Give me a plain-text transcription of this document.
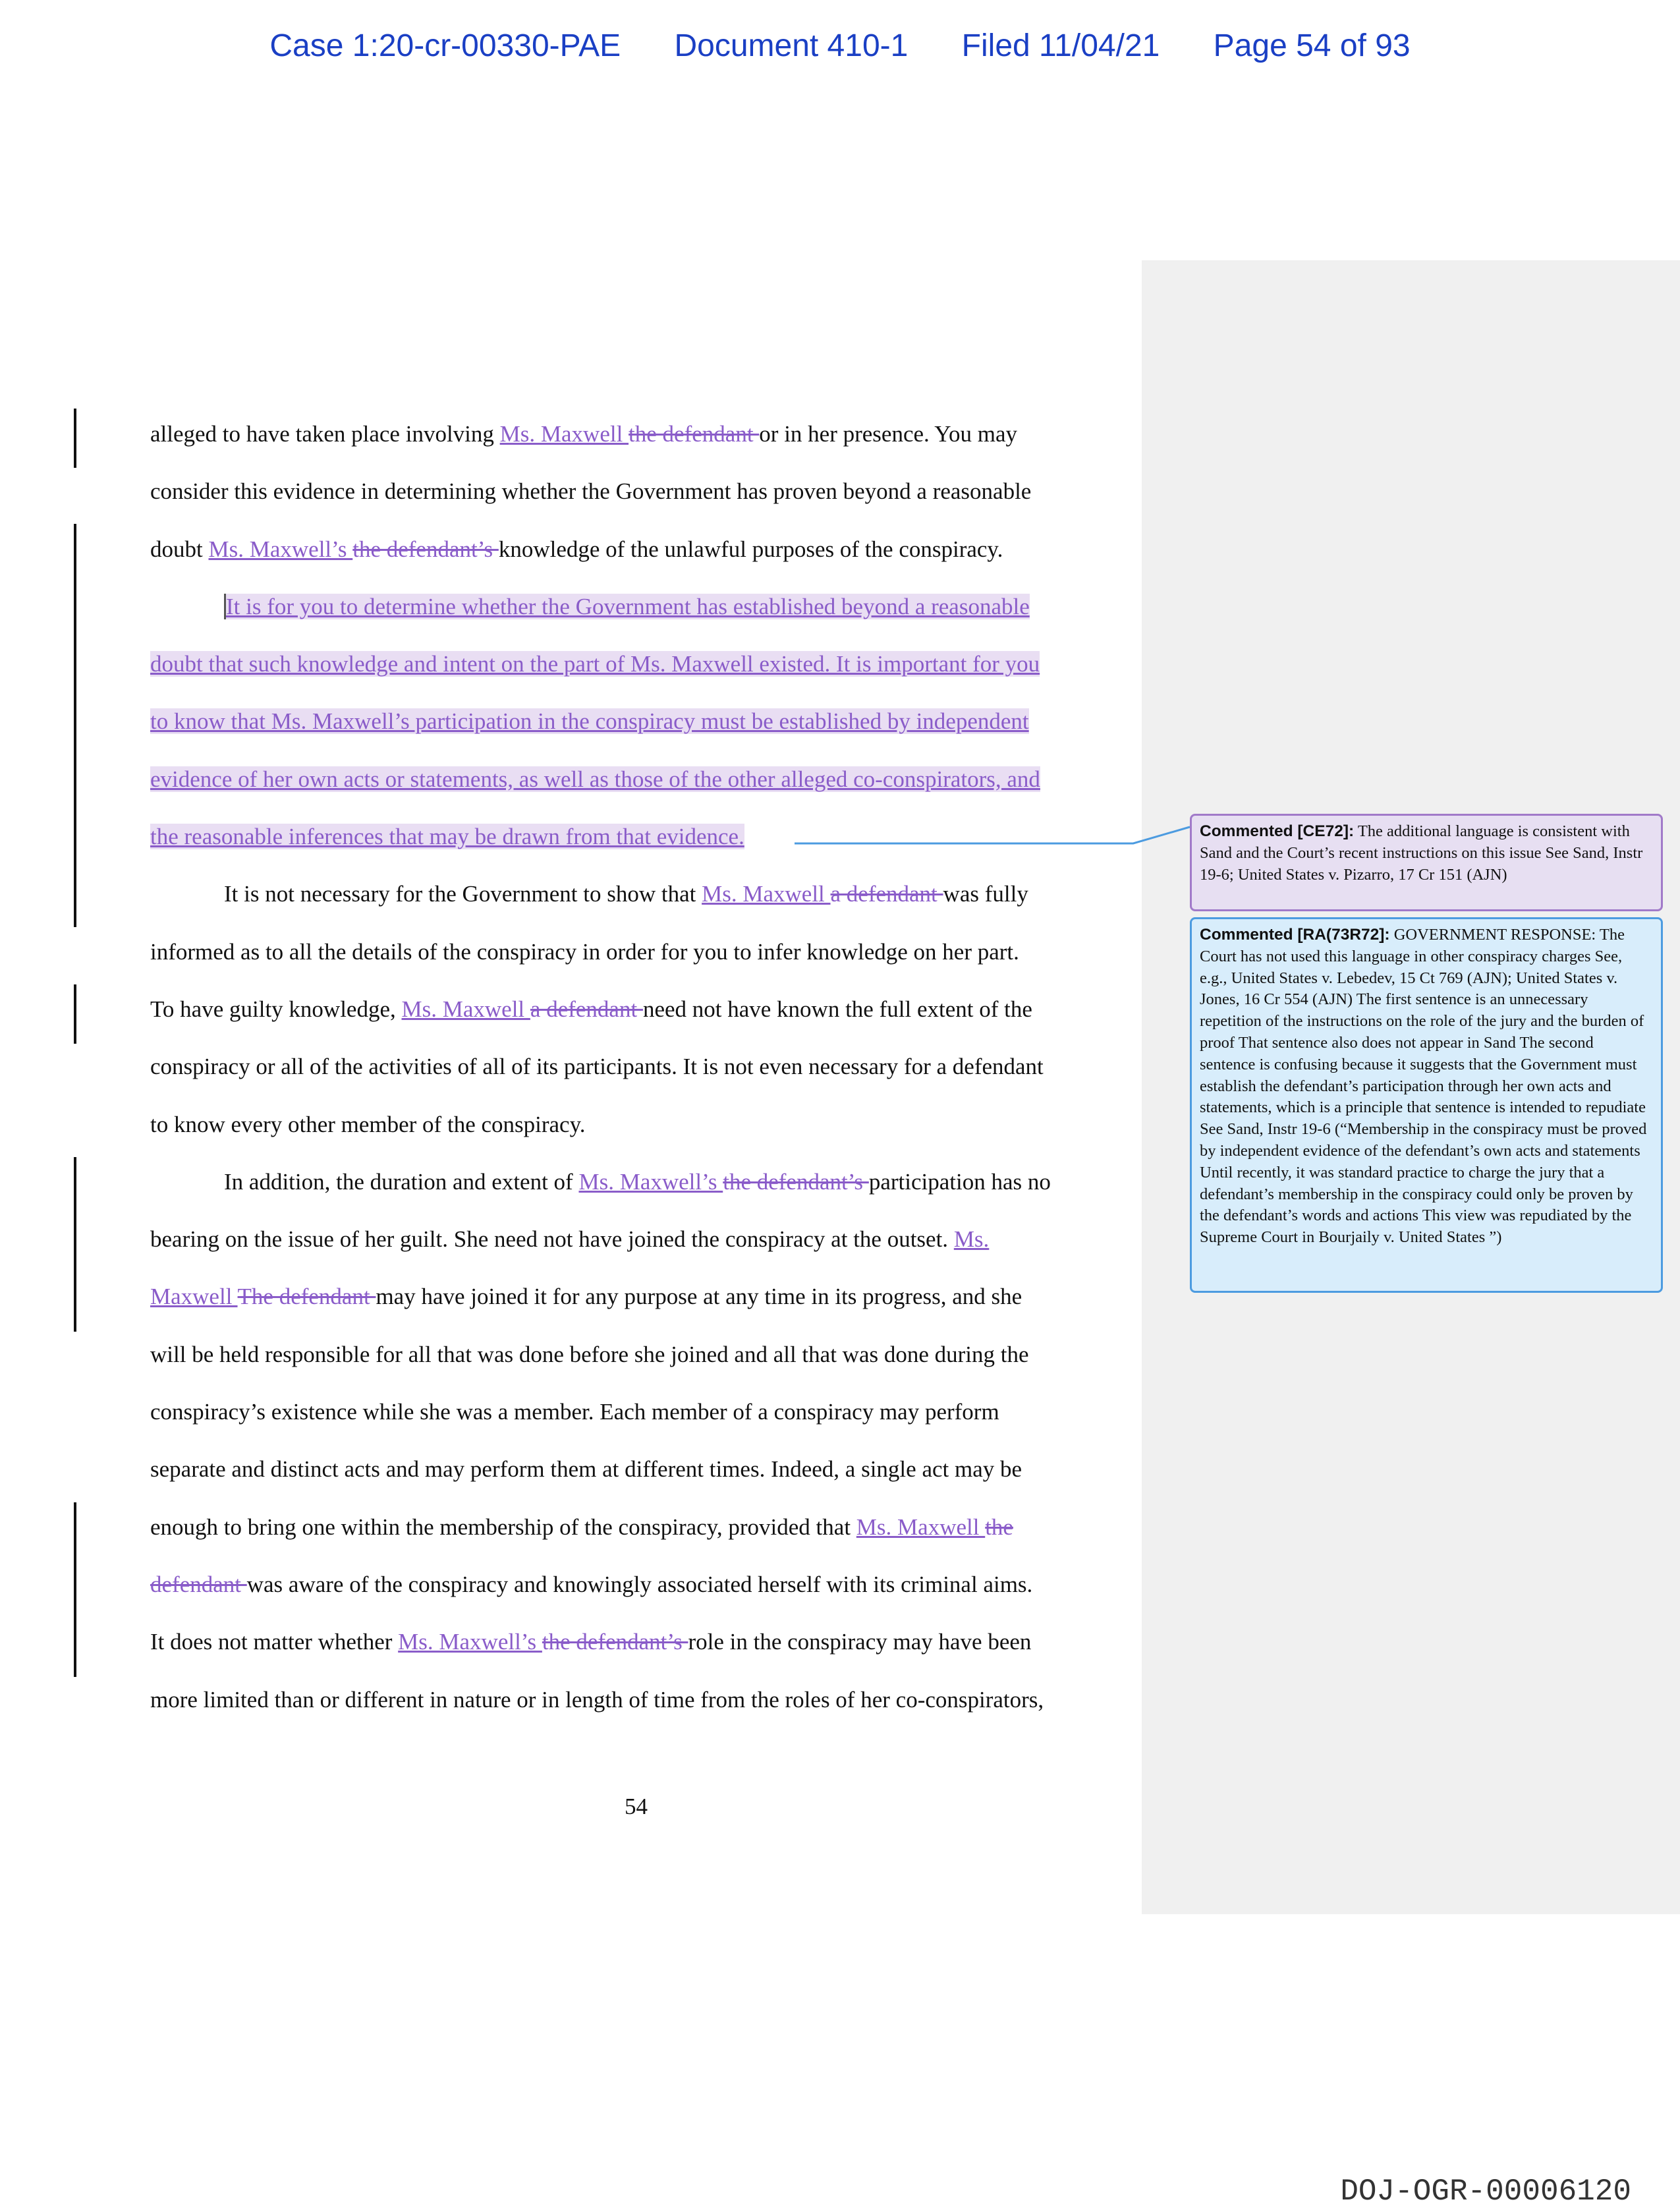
Case 1:20-cr-00330-PAE Document 410-1 Filed 11/04/21 Page 54 of 93
alleged to have taken place involving Ms. Maxwell the defendant or in her presence. You may
consider this evidence in determining whether the Government has proven beyond a reasonable
doubt Ms. Maxwell’s the defendant’s knowledge of the unlawful purposes of the conspiracy.
It is for you to determine whether the Government has established beyond a reasonable
doubt that such knowledge and intent on the part of Ms. Maxwell existed. It is important for you
to know that Ms. Maxwell’s participation in the conspiracy must be established by independent
evidence of her own acts or statements, as well as those of the other alleged co-conspirators, and
the reasonable inferences that may be drawn from that evidence.
It is not necessary for the Government to show that Ms. Maxwell a defendant was fully
informed as to all the details of the conspiracy in order for you to infer knowledge on her part.
To have guilty knowledge, Ms. Maxwell a defendant need not have known the full extent of the
conspiracy or all of the activities of all of its participants. It is not even necessary for a defendant
to know every other member of the conspiracy.
In addition, the duration and extent of Ms. Maxwell’s the defendant’s participation has no
bearing on the issue of her guilt. She need not have joined the conspiracy at the outset. Ms.
Maxwell The defendant may have joined it for any purpose at any time in its progress, and she
will be held responsible for all that was done before she joined and all that was done during the
conspiracy’s existence while she was a member. Each member of a conspiracy may perform
separate and distinct acts and may perform them at different times. Indeed, a single act may be
enough to bring one within the membership of the conspiracy, provided that Ms. Maxwell the
defendant was aware of the conspiracy and knowingly associated herself with its criminal aims.
It does not matter whether Ms. Maxwell’s the defendant’s role in the conspiracy may have been
more limited than or different in nature or in length of time from the roles of her co-conspirators,
Commented [CE72]: The additional language is consistent with Sand and the Court’s recent instructions on this issue See Sand, Instr 19-6; United States v. Pizarro, 17 Cr 151 (AJN)
Commented [RA(73R72]: GOVERNMENT RESPONSE: The Court has not used this language in other conspiracy charges See, e.g., United States v. Lebedev, 15 Ct 769 (AJN); United States v. Jones, 16 Cr 554 (AJN) The first sentence is an unnecessary repetition of the instructions on the role of the jury and the burden of proof That sentence also does not appear in Sand The second sentence is confusing because it suggests that the Government must establish the defendant’s participation through her own acts and statements, which is a principle that sentence is intended to repudiate See Sand, Instr 19-6 (“Membership in the conspiracy must be proved by independent evidence of the defendant’s own acts and statements Until recently, it was standard practice to charge the jury that a defendant’s membership in the conspiracy could only be proven by the defendant’s words and actions This view was repudiated by the Supreme Court in Bourjaily v. United States ”)
54
DOJ-OGR-00006120
